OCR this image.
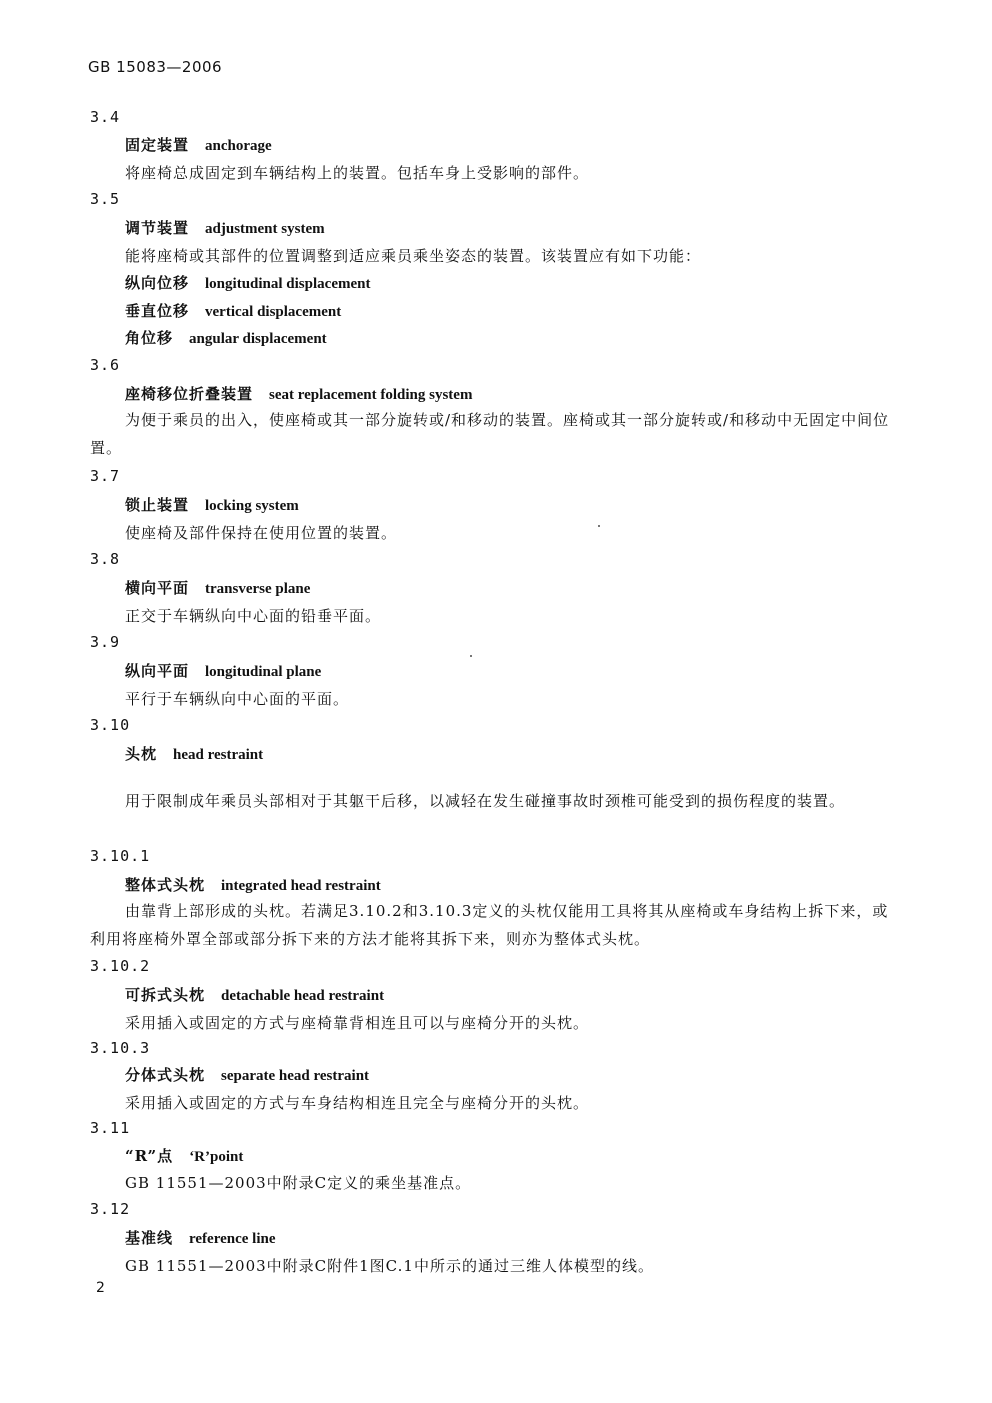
GB 15083—2006
3.4
固定装置 anchorage
将座椅总成固定到车辆结构上的装置。包括车身上受影响的部件。
3.5
调节装置 adjustment system
能将座椅或其部件的位置调整到适应乘员乘坐姿态的装置。该装置应有如下功能：
纵向位移 longitudinal displacement
垂直位移 vertical displacement
角位移 angular displacement
3.6
座椅移位折叠装置 seat replacement folding system
为便于乘员的出入，使座椅或其一部分旋转或/和移动的装置。座椅或其一部分旋转或/和移动中无固定中间位置。
3.7
锁止装置 locking system
使座椅及部件保持在使用位置的装置。
3.8
横向平面 transverse plane
正交于车辆纵向中心面的铅垂平面。
3.9
纵向平面 longitudinal plane
平行于车辆纵向中心面的平面。
3.10
头枕 head restraint
用于限制成年乘员头部相对于其躯干后移，以减轻在发生碰撞事故时颈椎可能受到的损伤程度的装置。
3.10.1
整体式头枕 integrated head restraint
由靠背上部形成的头枕。若满足3.10.2和3.10.3定义的头枕仅能用工具将其从座椅或车身结构上拆下来，或利用将座椅外罩全部或部分拆下来的方法才能将其拆下来，则亦为整体式头枕。
3.10.2
可拆式头枕 detachable head restraint
采用插入或固定的方式与座椅靠背相连且可以与座椅分开的头枕。
3.10.3
分体式头枕 separate head restraint
采用插入或固定的方式与车身结构相连且完全与座椅分开的头枕。
3.11
“R”点 ‘R’point
GB 11551—2003中附录C定义的乘坐基准点。
3.12
基准线 reference line
GB 11551—2003中附录C附件1图C.1中所示的通过三维人体模型的线。
2
